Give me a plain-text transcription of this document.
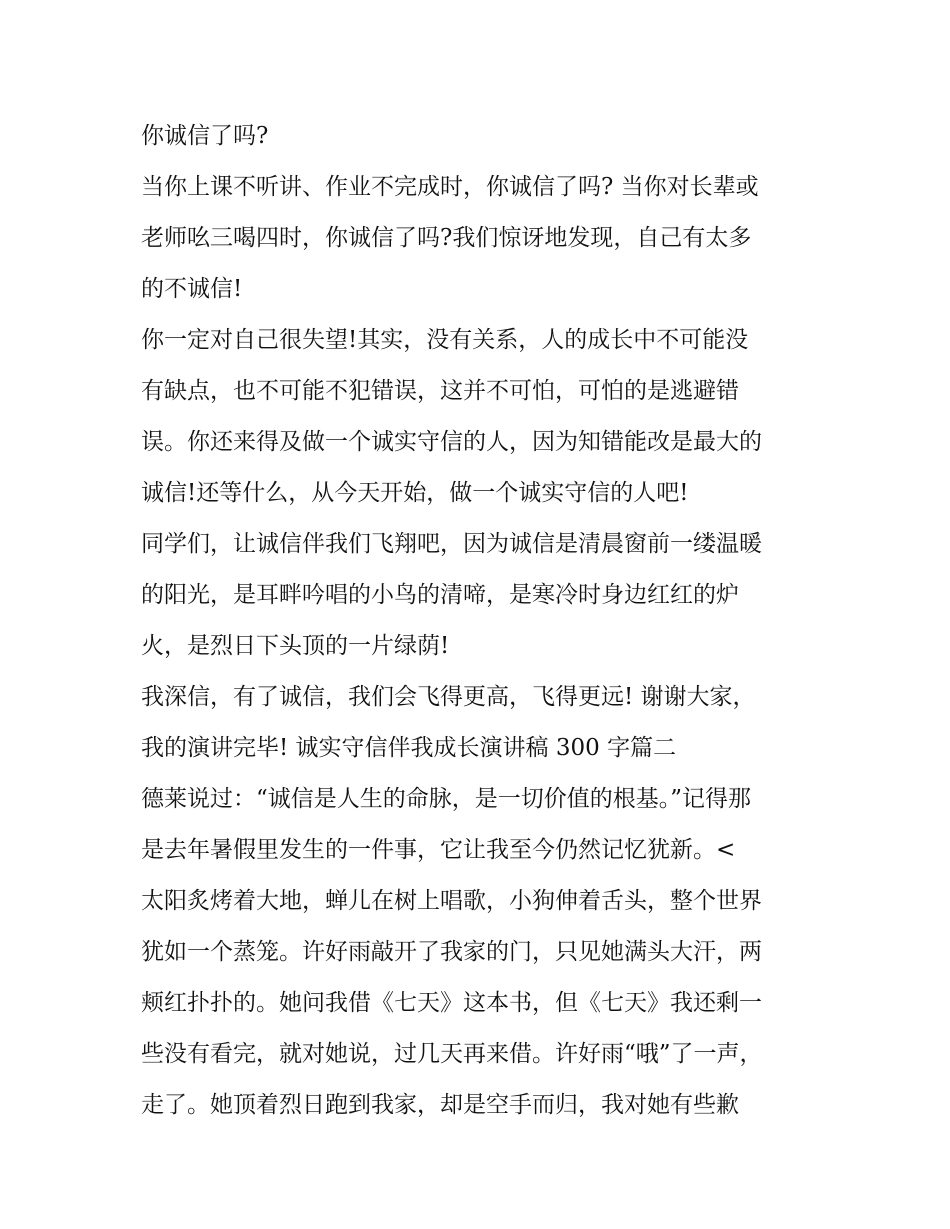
你诚信了吗?
当你上课不听讲、作业不完成时，你诚信了吗? 当你对长辈或
老师吆三喝四时，你诚信了吗?我们惊讶地发现，自己有太多
的不诚信!
你一定对自己很失望!其实，没有关系，人的成长中不可能没
有缺点，也不可能不犯错误，这并不可怕，可怕的是逃避错
误。你还来得及做一个诚实守信的人，因为知错能改是最大的
诚信!还等什么，从今天开始，做一个诚实守信的人吧!
同学们，让诚信伴我们飞翔吧，因为诚信是清晨窗前一缕温暖
的阳光，是耳畔吟唱的小鸟的清啼，是寒冷时身边红红的炉
火，是烈日下头顶的一片绿荫!
我深信，有了诚信，我们会飞得更高，飞得更远! 谢谢大家，
我的演讲完毕! 诚实守信伴我成长演讲稿 300 字篇二
德莱说过：“诚信是人生的命脉，是一切价值的根基。”记得那
是去年暑假里发生的一件事，它让我至今仍然记忆犹新。<
太阳炙烤着大地，蝉儿在树上唱歌，小狗伸着舌头，整个世界
犹如一个蒸笼。许好雨敲开了我家的门，只见她满头大汗，两
颊红扑扑的。她问我借《七天》这本书，但《七天》我还剩一
些没有看完，就对她说，过几天再来借。许好雨“哦”了一声，
走了。她顶着烈日跑到我家，却是空手而归，我对她有些歉
